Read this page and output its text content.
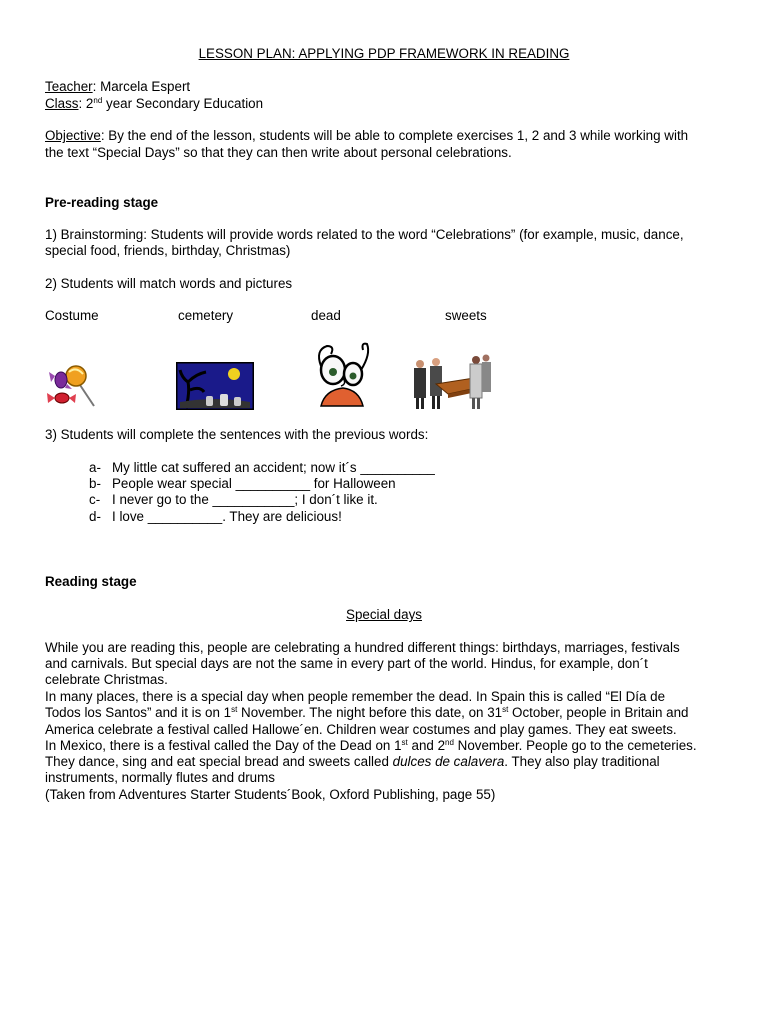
LESSON PLAN: APPLYING PDP FRAMEWORK IN READING
Teacher: Marcela Espert
Class: 2nd year Secondary Education
Objective: By the end of the lesson, students will be able to complete exercises 1, 2 and 3 while working with
the text “Special Days” so that they can then write about personal celebrations.
Pre-reading stage
1) Brainstorming: Students will provide words related to the word “Celebrations” (for example, music, dance,
special food, friends, birthday, Christmas)
2) Students will match words and pictures
Costume	cemetery	dead	sweets
3) Students will complete the sentences with the previous words:
a- My little cat suffered an accident; now it´s __________
b- People wear special __________ for Halloween
c- I never go to the ___________; I don´t like it.
d- I love __________. They are delicious!
Reading stage
Special days
While you are reading this, people are celebrating a hundred different things: birthdays, marriages, festivals
and carnivals. But special days are not the same in every part of the world. Hindus, for example, don´t
celebrate Christmas.
In many places, there is a special day when people remember the dead. In Spain this is called “El Día de
Todos los Santos” and it is on 1st November. The night before this date, on 31st October, people in Britain and
America celebrate a festival called Hallowe´en. Children wear costumes and play games. They eat sweets.
In Mexico, there is a festival called the Day of the Dead on 1st and 2nd November. People go to the cemeteries.
They dance, sing and eat special bread and sweets called dulces de calavera. They also play traditional
instruments, normally flutes and drums
(Taken from Adventures Starter Students´Book, Oxford Publishing, page 55)
